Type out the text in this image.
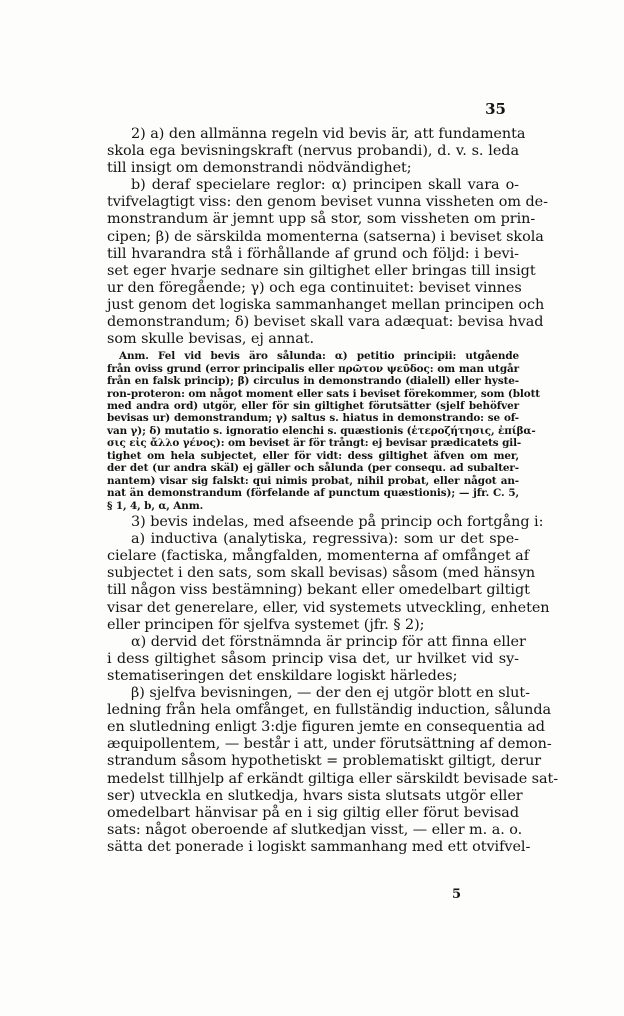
35
2) a) den allmänna regeln vid bevis är, att fundamenta
skola ega bevisningskraft (nervus probandi), d. v. s. leda
till insigt om demonstrandi nödvändighet;
b) deraf specielare reglor: α) principen skall vara o-
tvifvelagtigt viss: den genom beviset vunna vissheten om de-
monstrandum är jemnt upp så stor, som vissheten om prin-
cipen; β) de särskilda momenterna (satserna) i beviset skola
till hvarandra stå i förhållande af grund och följd: i bevi-
set eger hvarje sednare sin giltighet eller bringas till insigt
ur den föregående; γ) och ega continuitet: beviset vinnes
just genom det logiska sammanhanget mellan principen och
demonstrandum; δ) beviset skall vara adæquat: bevisa hvad
som skulle bevisas, ej annat.
Anm. Fel vid bevis äro sålunda: α) petitio principii: utgående
från oviss grund (error principalis eller πρῶτον ψεῦδος: om man utgår
från en falsk princip); β) circulus in demonstrando (dialell) eller hyste-
ron-proteron: om något moment eller sats i beviset förekommer, som (blott
med andra ord) utgör, eller för sin giltighet förutsätter (sjelf behöfver
bevisas ur) demonstrandum; γ) saltus s. hiatus in demonstrando: se of-
van γ); δ) mutatio s. ignoratio elenchi s. quæstionis (ἑτεροζήτησις, ἐπίβα-
σις εἰς ἄλλο γένος): om beviset är för trångt: ej bevisar prædicatets gil-
tighet om hela subjectet, eller för vidt: dess giltighet äfven om mer,
der det (ur andra skäl) ej gäller och sålunda (per consequ. ad subalter-
nantem) visar sig falskt: qui nimis probat, nihil probat, eller något an-
nat än demonstrandum (förfelande af punctum quæstionis); — jfr. C. 5,
§ 1, 4, b, α, Anm.
3) bevis indelas, med afseende på princip och fortgång i:
a) inductiva (analytiska, regressiva): som ur det spe-
cielare (factiska, mångfalden, momenterna af omfånget af
subjectet i den sats, som skall bevisas) såsom (med hänsyn
till någon viss bestämning) bekant eller omedelbart giltigt
visar det generelare, eller, vid systemets utveckling, enheten
eller principen för sjelfva systemet (jfr. § 2);
α) dervid det förstnämnda är princip för att finna eller
i dess giltighet såsom princip visa det, ur hvilket vid sy-
stematiseringen det enskildare logiskt härledes;
β) sjelfva bevisningen, — der den ej utgör blott en slut-
ledning från hela omfånget, en fullständig induction, sålunda
en slutledning enligt 3:dje figuren jemte en consequentia ad
æquipollentem, — består i att, under förutsättning af demon-
strandum såsom hypothetiskt = problematiskt giltigt, derur
medelst tillhjelp af erkändt giltiga eller särskildt bevisade sat-
ser) utveckla en slutkedja, hvars sista slutsats utgör eller
omedelbart hänvisar på en i sig giltig eller förut bevisad
sats: något oberoende af slutkedjan visst, — eller m. a. o.
sätta det ponerade i logiskt sammanhang med ett otvifvel-
5
